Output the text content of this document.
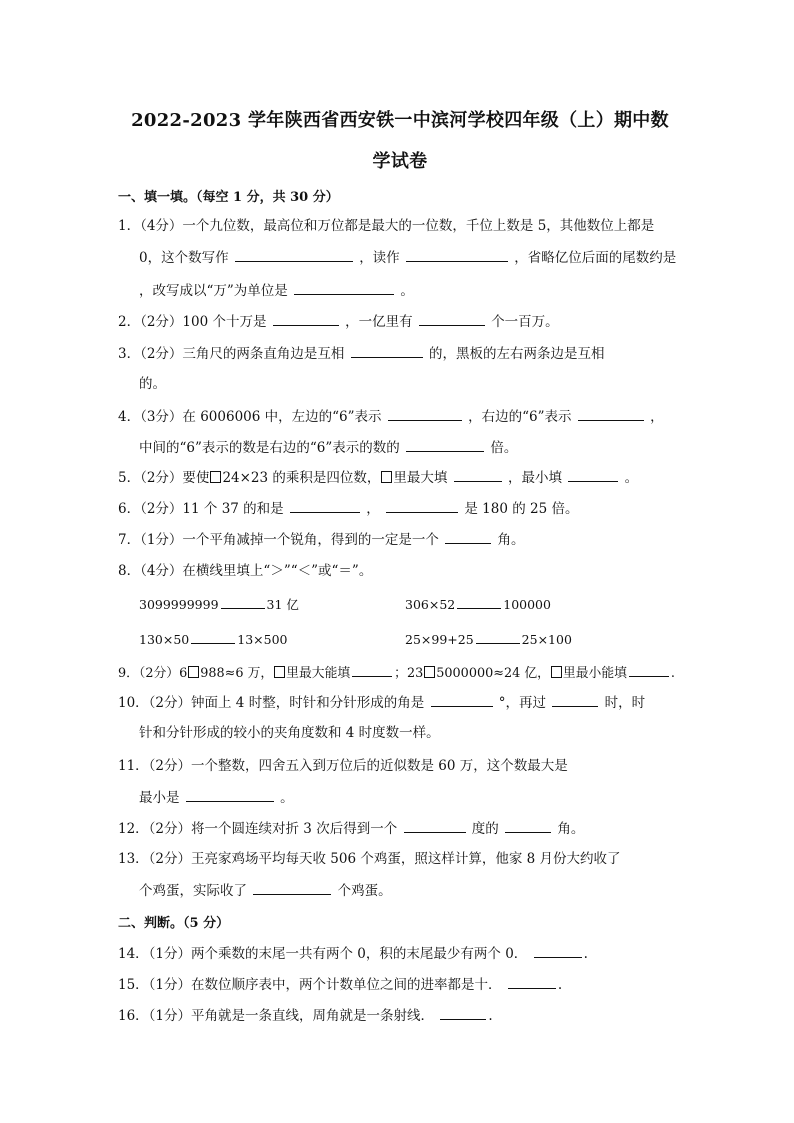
2022-2023 学年陕西省西安铁一中滨河学校四年级（上）期中数
学试卷
一、填一填。（每空 1 分，共 30 分）
1．（4分）一个九位数，最高位和万位都是最大的一位数，千位上数是 5，其他数位上都是
0，这个数写作	，读作	，省略亿位后面的尾数约是
，改写成以“万”为单位是	。
2．（2分）100 个十万是	，一亿里有	个一百万。
3．（2分）三角尺的两条直角边是互相	的，黑板的左右两条边是互相
的。
4．（3分）在 6006006 中，左边的“6”表示	，右边的“6”表示	，
中间的“6”表示的数是右边的“6”表示的数的	倍。
5．（2分）要使 24×23 的乘积是四位数， 里最大填	，最小填	。
6．（2分）11 个 37 的和是	，	是 180 的 25 倍。
7．（1分）一个平角减掉一个锐角，得到的一定是一个	角。
8．（4分）在横线里填上“＞”“＜”或“＝”。
3099999999	31 亿	306×52	100000
130×50	13×500	25×99+25	25×100
9．（2分）6 988≈6 万， 里最大能填	；23 5000000≈24 亿， 里最小能填	.
10．（2分）钟面上 4 时整，时针和分针形成的角是	°，再过	时，时
针和分针形成的较小的夹角度数和 4 时度数一样。
11．（2分）一个整数，四舍五入到万位后的近似数是 60 万，这个数最大是
最小是	。
12．（2分）将一个圆连续对折 3 次后得到一个	度的	角。
13．（2分）王亮家鸡场平均每天收 506 个鸡蛋，照这样计算，他家 8 月份大约收了
个鸡蛋，实际收了	个鸡蛋。
二、判断。（5 分）
14．（1分）两个乘数的末尾一共有两个 0，积的末尾最少有两个 0．	.
15．（1分）在数位顺序表中，两个计数单位之间的进率都是十．	.
16．（1分）平角就是一条直线，周角就是一条射线．	.
